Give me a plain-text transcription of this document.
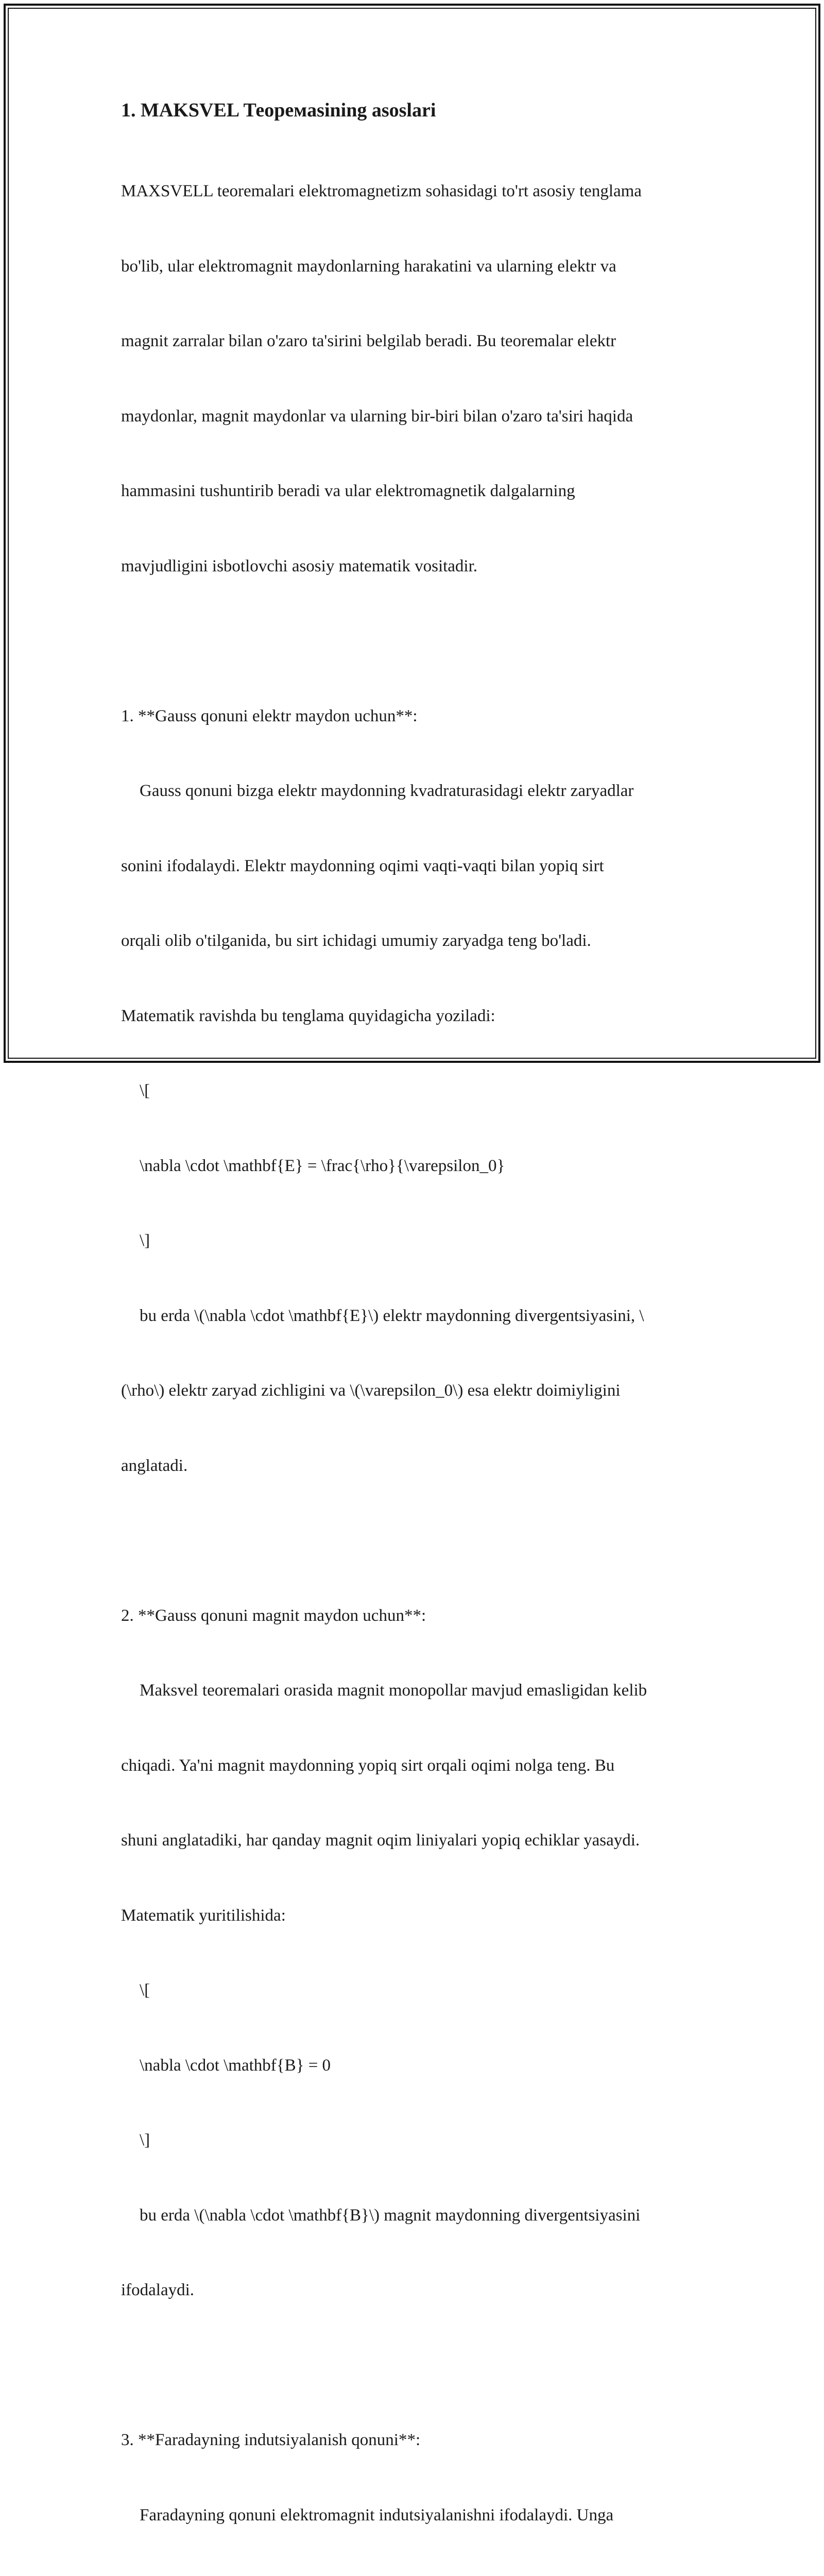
1. MAKSVEL Теоремasining asoslari

MAXSVELL teoremalari elektromagnetizm sohasidagi to'rt asosiy tenglama

bo'lib, ular elektromagnit maydonlarning harakatini va ularning elektr va

magnit zarralar bilan o'zaro ta'sirini belgilab beradi. Bu teoremalar elektr

maydonlar, magnit maydonlar va ularning bir-biri bilan o'zaro ta'siri haqida

hammasini tushuntirib beradi va ular elektromagnetik dalgalarning

mavjudligini isbotlovchi asosiy matematik vositadir.

1. **Gauss qonuni elektr maydon uchun**:

Gauss qonuni bizga elektr maydonning kvadraturasidagi elektr zaryadlar

sonini ifodalaydi. Elektr maydonning oqimi vaqti-vaqti bilan yopiq sirt

orqali olib o'tilganida, bu sirt ichidagi umumiy zaryadga teng bo'ladi.

Matematik ravishda bu tenglama quyidagicha yoziladi:

\[

\nabla \cdot \mathbf{E} = \frac{\rho}{\varepsilon_0}

\]

bu erda \(\nabla \cdot \mathbf{E}\) elektr maydonning divergentsiyasini, \

(\rho\) elektr zaryad zichligini va \(\varepsilon_0\) esa elektr doimiyligini

anglatadi.

2. **Gauss qonuni magnit maydon uchun**:

Maksvel teoremalari orasida magnit monopollar mavjud emasligidan kelib

chiqadi. Ya'ni magnit maydonning yopiq sirt orqali oqimi nolga teng. Bu

shuni anglatadiki, har qanday magnit oqim liniyalari yopiq echiklar yasaydi.

Matematik yuritilishida:

\[

\nabla \cdot \mathbf{B} = 0

\]

bu erda \(\nabla \cdot \mathbf{B}\) magnit maydonning divergentsiyasini

ifodalaydi.

3. **Faradayning indutsiyalanish qonuni**:

Faradayning qonuni elektromagnit indutsiyalanishni ifodalaydi. Unga
